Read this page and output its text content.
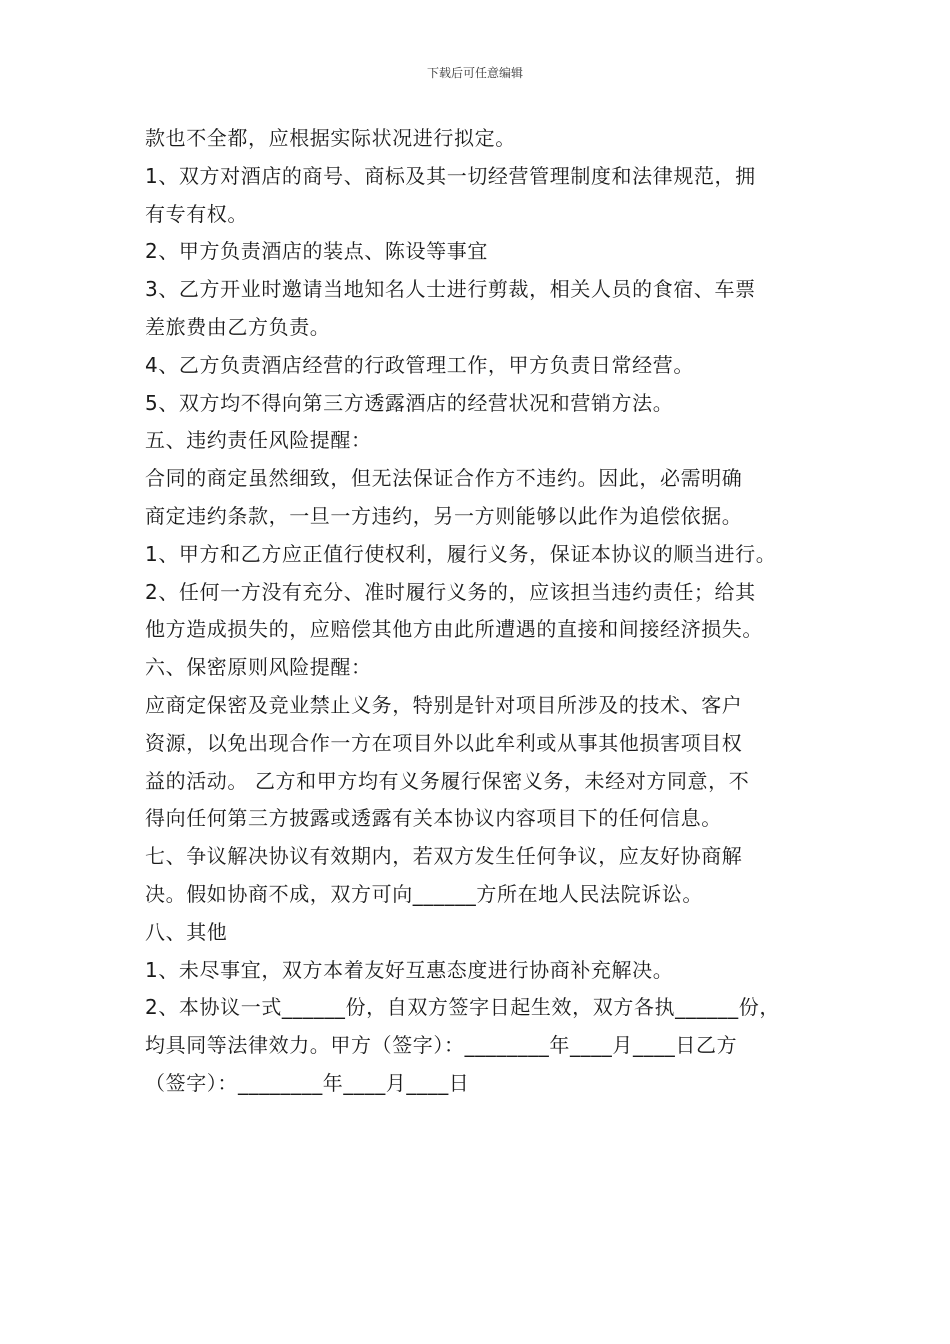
下载后可任意编辑
款也不全都，应根据实际状况进行拟定。
1、双方对酒店的商号、商标及其一切经营管理制度和法律规范，拥
有专有权。
2、甲方负责酒店的装点、陈设等事宜
3、乙方开业时邀请当地知名人士进行剪裁，相关人员的食宿、车票
差旅费由乙方负责。
4、乙方负责酒店经营的行政管理工作，甲方负责日常经营。
5、双方均不得向第三方透露酒店的经营状况和营销方法。
五、违约责任风险提醒：
合同的商定虽然细致，但无法保证合作方不违约。因此，必需明确
商定违约条款，一旦一方违约，另一方则能够以此作为追偿依据。
1、甲方和乙方应正值行使权利，履行义务，保证本协议的顺当进行。
2、任何一方没有充分、准时履行义务的，应该担当违约责任；给其
他方造成损失的，应赔偿其他方由此所遭遇的直接和间接经济损失。
六、保密原则风险提醒：
应商定保密及竞业禁止义务，特别是针对项目所涉及的技术、客户
资源，以免出现合作一方在项目外以此牟利或从事其他损害项目权
益的活动。 乙方和甲方均有义务履行保密义务，未经对方同意，不
得向任何第三方披露或透露有关本协议内容项目下的任何信息。
七、争议解决协议有效期内，若双方发生任何争议，应友好协商解
决。假如协商不成，双方可向______方所在地人民法院诉讼。
八、其他
1、未尽事宜，双方本着友好互惠态度进行协商补充解决。
2、本协议一式______份，自双方签字日起生效，双方各执______份，
均具同等法律效力。甲方（签字）：________年____月____日乙方
（签字）：________年____月____日
